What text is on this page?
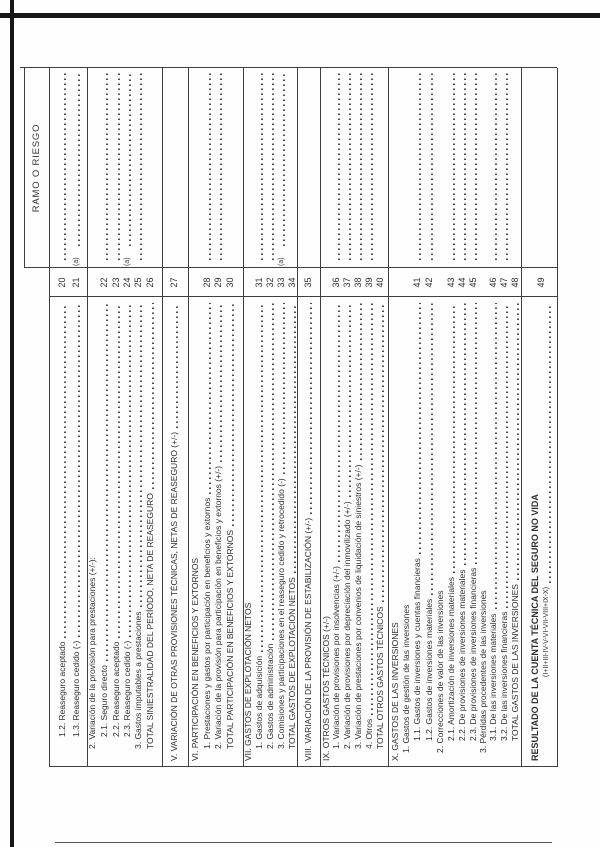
RAMO O RIESGO
1.2. Reaseguro aceptado
20
1.3. Reaseguro cedido (-)
21
(a)
2. Variación de la provisión para prestaciones (+/-): 2.1. Seguro directo
22
2.2. Reaseguro aceptado
23
2.3. Reaseguro cedido (-)
24
(a)
3. Gastos imputables a prestaciones
25
TOTAL SINIESTRALIDAD DEL PERÍODO, NETA DE REASEGURO
26
V. VARIACIÓN DE OTRAS PROVISIONES TÉCNICAS, NETAS DE REASEGURO (+/-)
27
VI. PARTICIPACIÓN EN BENEFICIOS Y EXTORNOS 1. Prestaciones y gastos por participación en beneficios y extornos
28
2. Variación de la provisión para participación en beneficios y extornos (+/-)
29
TOTAL PARTICIPACIÓN EN BENEFICIOS Y EXTORNOS
30
VII. GASTOS DE EXPLOTACIÓN NETOS 1. Gastos de adquisición
31
2. Gastos de administración
32
3. Comisiones y participaciones en el reaseguro cedido y retrocedido (-)
33
(a)
TOTAL GASTOS DE EXPLOTACIÓN NETOS
34
VIII. VARIACIÓN DE LA PROVISIÓN DE ESTABILIZACIÓN (+/-)
35
IX. OTROS GASTOS TÉCNICOS (+/-) 1. Variación de provisiones por insolvencias (+/-)
36
2. Variación de provisiones por depreciación del inmovilizado (+/-)
37
3. Variación de prestaciones por convenios de liquidación de siniestros (+/-)
38
4. Otros
39
TOTAL OTROS GASTOS TÉCNICOS
40
X. GASTOS DE LAS INVERSIONES 1. Gastos de gestión de las inversiones 1.1. Gastos de inversiones y cuentas financieras
41
1.2. Gastos de inversiones materiales
42
2. Correcciones de valor de las inversiones 2.1. Amortización de inversiones materiales
43
2.2. De provisiones de inversiones materiales
44
2.3. De provisiones de inversiones financieras
45
3. Pérdidas procedentes de las inversiones 3.1. De las inversiones materiales
46
3.2. De las inversiones financieras
47
TOTAL GASTOS DE LAS INVERSIONES
48
RESULTADO DE LA CUENTA TÉCNICA DEL SEGURO NO VIDA (I+II+III-IV-V-VI-VII-VIII+IX-X)
49
